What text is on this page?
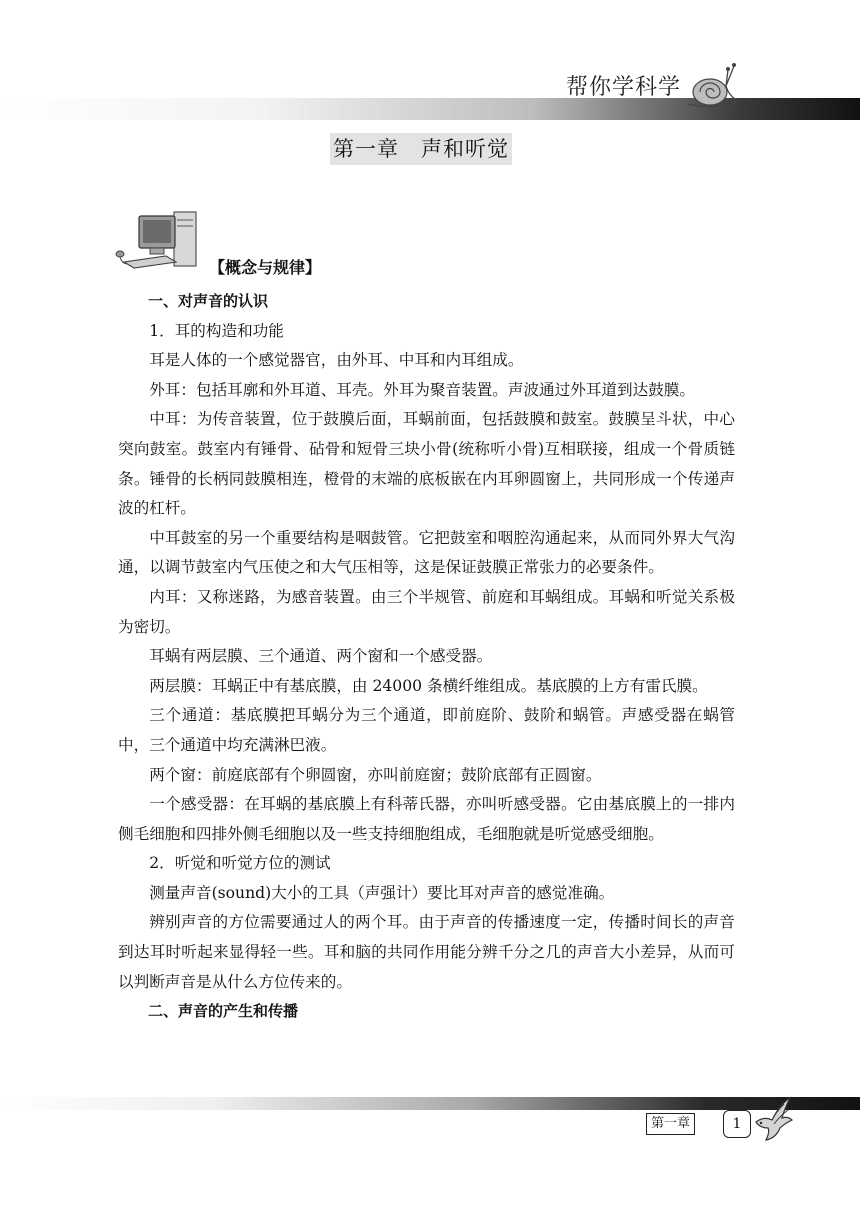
帮你学科学
第一章　声和听觉
【概念与规律】

一、对声音的认识

1．耳的构造和功能

耳是人体的一个感觉器官，由外耳、中耳和内耳组成。

外耳：包括耳廓和外耳道、耳壳。外耳为聚音装置。声波通过外耳道到达鼓膜。

中耳：为传音装置，位于鼓膜后面，耳蜗前面，包括鼓膜和鼓室。鼓膜呈斗状，中心突向鼓室。鼓室内有锤骨、砧骨和短骨三块小骨(统称听小骨)互相联接，组成一个骨质链条。锤骨的长柄同鼓膜相连，橙骨的末端的底板嵌在内耳卵圆窗上，共同形成一个传递声波的杠杆。

中耳鼓室的另一个重要结构是咽鼓管。它把鼓室和咽腔沟通起来，从而同外界大气沟通，以调节鼓室内气压使之和大气压相等，这是保证鼓膜正常张力的必要条件。

内耳：又称迷路，为感音装置。由三个半规管、前庭和耳蜗组成。耳蜗和听觉关系极为密切。

耳蜗有两层膜、三个通道、两个窗和一个感受器。

两层膜：耳蜗正中有基底膜，由 24000 条横纤维组成。基底膜的上方有雷氏膜。

三个通道：基底膜把耳蜗分为三个通道，即前庭阶、鼓阶和蜗管。声感受器在蜗管中，三个通道中均充满淋巴液。

两个窗：前庭底部有个卵圆窗，亦叫前庭窗；鼓阶底部有正圆窗。

一个感受器：在耳蜗的基底膜上有科蒂氏器，亦叫听感受器。它由基底膜上的一排内侧毛细胞和四排外侧毛细胞以及一些支持细胞组成，毛细胞就是听觉感受细胞。

2．听觉和听觉方位的测试

测量声音(sound)大小的工具（声强计）要比耳对声音的感觉准确。

辨别声音的方位需要通过人的两个耳。由于声音的传播速度一定，传播时间长的声音到达耳时听起来显得轻一些。耳和脑的共同作用能分辨千分之几的声音大小差异，从而可以判断声音是从什么方位传来的。

二、声音的产生和传播

第一章	1
